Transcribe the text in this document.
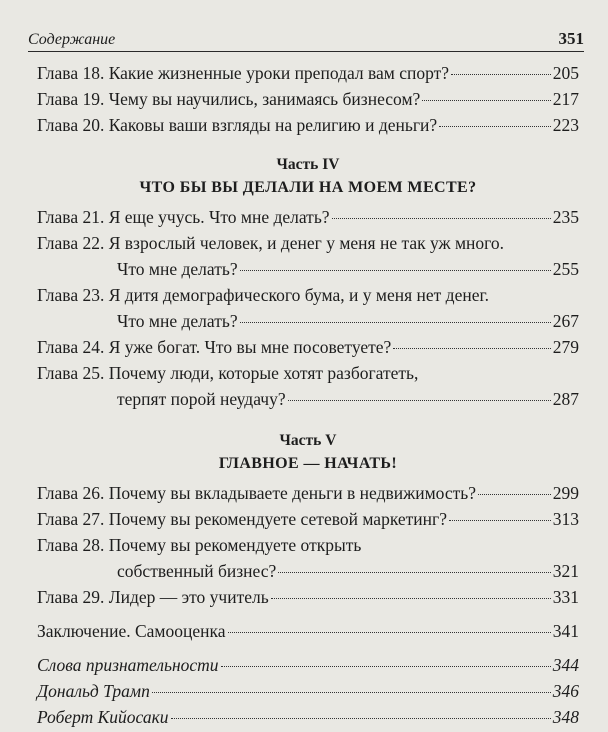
Содержание	351
Глава 18. Какие жизненные уроки преподал вам спорт?	205
Глава 19. Чему вы научились, занимаясь бизнесом?	217
Глава 20. Каковы ваши взгляды на религию и деньги?	223
Часть IV
ЧТО БЫ ВЫ ДЕЛАЛИ НА МОЕМ МЕСТЕ?
Глава 21. Я еще учусь. Что мне делать?	235
Глава 22. Я взрослый человек, и денег у меня не так уж много.
Что мне делать?	255
Глава 23. Я дитя демографического бума, и у меня нет денег.
Что мне делать?	267
Глава 24. Я уже богат. Что вы мне посоветуете?	279
Глава 25. Почему люди, которые хотят разбогатеть,
терпят порой неудачу?	287
Часть V
ГЛАВНОЕ — НАЧАТЬ!
Глава 26. Почему вы вкладываете деньги в недвижимость?	299
Глава 27. Почему вы рекомендуете сетевой маркетинг?	313
Глава 28. Почему вы рекомендуете открыть
собственный бизнес?	321
Глава 29. Лидер — это учитель	331
Заключение. Самооценка	341
Слова признательности	344
Дональд Трамп	346
Роберт Кийосаки	348
